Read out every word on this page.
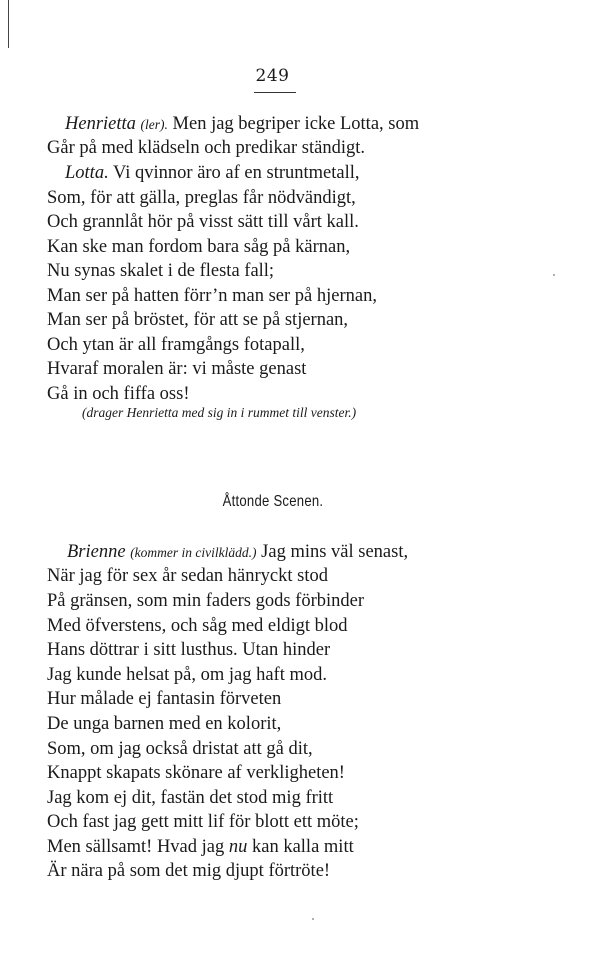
249
Henrietta (ler). Men jag begriper icke Lotta, som
Går på med klädseln och predikar ständigt.
Lotta. Vi qvinnor äro af en struntmetall,
Som, för att gälla, preglas får nödvändigt,
Och grannlåt hör på visst sätt till vårt kall.
Kan ske man fordom bara såg på kärnan,
Nu synas skalet i de flesta fall;
Man ser på hatten förr’n man ser på hjernan,
Man ser på bröstet, för att se på stjernan,
Och ytan är all framgångs fotapall,
Hvaraf moralen är: vi måste genast
Gå in och fiffa oss!
(drager Henrietta med sig in i rummet till venster.)
Åttonde Scenen.
Brienne (kommer in civilklädd.) Jag mins väl senast,
När jag för sex år sedan hänryckt stod
På gränsen, som min faders gods förbinder
Med öfverstens, och såg med eldigt blod
Hans döttrar i sitt lusthus. Utan hinder
Jag kunde helsat på, om jag haft mod.
Hur målade ej fantasin förveten
De unga barnen med en kolorit,
Som, om jag också dristat att gå dit,
Knappt skapats skönare af verkligheten!
Jag kom ej dit, fastän det stod mig fritt
Och fast jag gett mitt lif för blott ett möte;
Men sällsamt! Hvad jag nu kan kalla mitt
Är nära på som det mig djupt förtröte!
